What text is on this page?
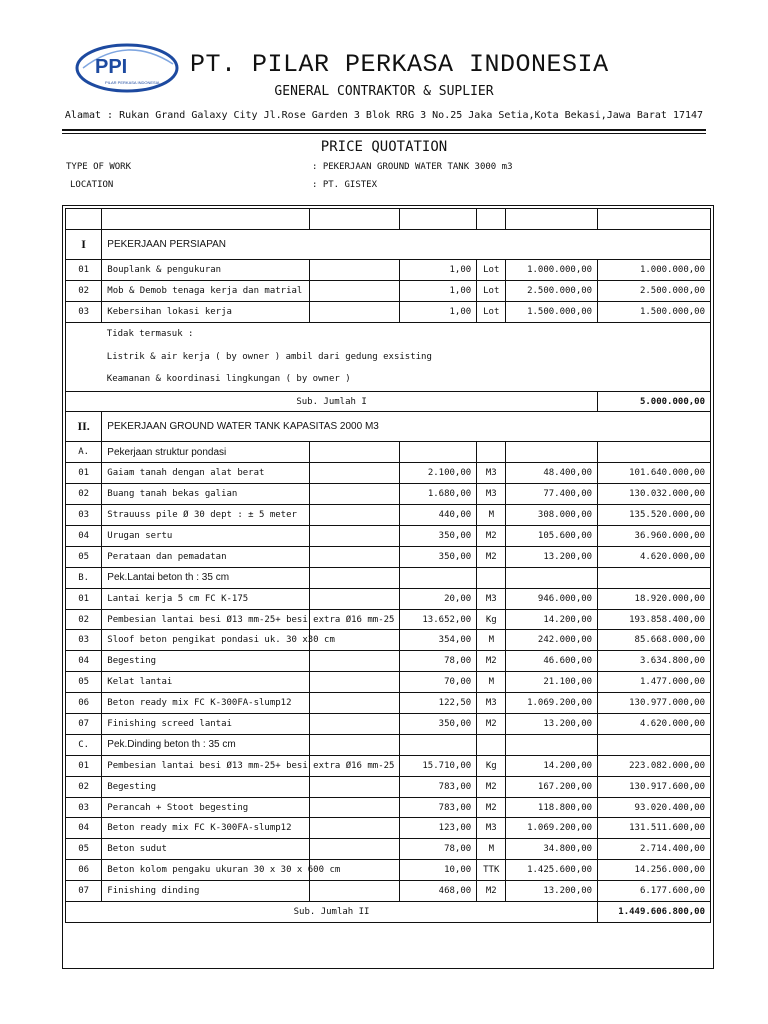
PPI
PILAR PERKASA INDONESIA
PT. PILAR PERKASA INDONESIA
GENERAL CONTRAKTOR & SUPLIER
Alamat : Rukan Grand Galaxy City Jl.Rose Garden 3 Blok RRG 3 No.25 Jaka Setia,Kota Bekasi,Jawa Barat 17147
PRICE QUOTATION
TYPE OF WORK	: PEKERJAAN GROUND WATER TANK 3000 m3
LOCATION	: PT. GISTEX

I	PEKERJAAN PERSIAPAN					
01	Bouplank & pengukuran		1,00	Lot	1.000.000,00	1.000.000,00
02	Mob & Demob tenaga kerja dan matrial		1,00	Lot	2.500.000,00	2.500.000,00
03	Kebersihan lokasi kerja		1,00	Lot	1.500.000,00	1.500.000,00
	Tidak termasuk :					
	Listrik & air kerja ( by owner ) ambil dari gedung exsisting					
	Keamanan & koordinasi lingkungan ( by owner )					
Sub. Jumlah I						5.000.000,00
II.	PEKERJAAN GROUND WATER TANK KAPASITAS 2000 M3					
A.	Pekerjaan struktur pondasi					
01	Gaiam tanah dengan alat berat		2.100,00	M3	48.400,00	101.640.000,00
02	Buang tanah bekas galian		1.680,00	M3	77.400,00	130.032.000,00
03	Strauuss pile Ø 30 dept : ± 5 meter		440,00	M	308.000,00	135.520.000,00
04	Urugan sertu		350,00	M2	105.600,00	36.960.000,00
05	Perataan dan pemadatan		350,00	M2	13.200,00	4.620.000,00
B.	Pek.Lantai beton th : 35 cm					
01	Lantai kerja 5 cm FC K-175		20,00	M3	946.000,00	18.920.000,00
02	Pembesian lantai besi Ø13 mm-25+ besi extra Ø16 mm-25		13.652,00	Kg	14.200,00	193.858.400,00
03	Sloof beton pengikat pondasi uk. 30 x30 cm		354,00	M	242.000,00	85.668.000,00
04	Begesting		78,00	M2	46.600,00	3.634.800,00
05	Kelat lantai		70,00	M	21.100,00	1.477.000,00
06	Beton ready mix FC K-300FA-slump12		122,50	M3	1.069.200,00	130.977.000,00
07	Finishing screed lantai		350,00	M2	13.200,00	4.620.000,00
C.	Pek.Dinding beton th : 35 cm					
01	Pembesian lantai besi Ø13 mm-25+ besi extra Ø16 mm-25		15.710,00	Kg	14.200,00	223.082.000,00
02	Begesting		783,00	M2	167.200,00	130.917.600,00
03	Perancah + Stoot begesting		783,00	M2	118.800,00	93.020.400,00
04	Beton ready mix FC K-300FA-slump12		123,00	M3	1.069.200,00	131.511.600,00
05	Beton sudut		78,00	M	34.800,00	2.714.400,00
06	Beton kolom pengaku ukuran 30 x 30 x 600 cm		10,00	TTK	1.425.600,00	14.256.000,00
07	Finishing dinding		468,00	M2	13.200,00	6.177.600,00
Sub. Jumlah II						1.449.606.800,00
